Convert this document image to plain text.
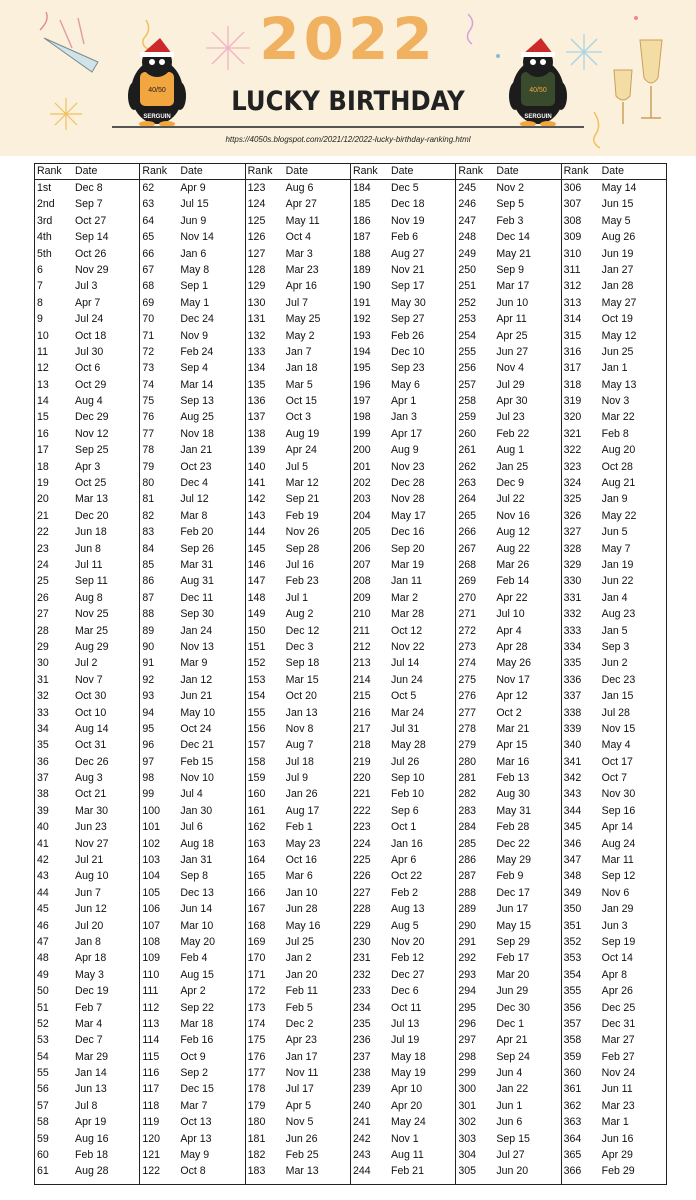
40/50	40/50
SERGUIN	SERGUIN
2022
LUCKY BIRTHDAY
https://4050s.blogspot.com/2021/12/2022-lucky-birthday-ranking.html
Rank	Date
1st	Dec 8
2nd	Sep 7
3rd	Oct 27
4th	Sep 14
5th	Oct 26
6	Nov 29
7	Jul 3
8	Apr 7
9	Jul 24
10	Oct 18
11	Jul 30
12	Oct 6
13	Oct 29
14	Aug 4
15	Dec 29
16	Nov 12
17	Sep 25
18	Apr 3
19	Oct 25
20	Mar 13
21	Dec 20
22	Jun 18
23	Jun 8
24	Jul 11
25	Sep 11
26	Aug 8
27	Nov 25
28	Mar 25
29	Aug 29
30	Jul 2
31	Nov 7
32	Oct 30
33	Oct 10
34	Aug 14
35	Oct 31
36	Dec 26
37	Aug 3
38	Oct 21
39	Mar 30
40	Jun 23
41	Nov 27
42	Jul 21
43	Aug 10
44	Jun 7
45	Jun 12
46	Jul 20
47	Jan 8
48	Apr 18
49	May 3
50	Dec 19
51	Feb 7
52	Mar 4
53	Dec 7
54	Mar 29
55	Jan 14
56	Jun 13
57	Jul 8
58	Apr 19
59	Aug 16
60	Feb 18
61	Aug 28
Rank	Date
62	Apr 9
63	Jul 15
64	Jun 9
65	Nov 14
66	Jan 6
67	May 8
68	Sep 1
69	May 1
70	Dec 24
71	Nov 9
72	Feb 24
73	Sep 4
74	Mar 14
75	Sep 13
76	Aug 25
77	Nov 18
78	Jan 21
79	Oct 23
80	Dec 4
81	Jul 12
82	Mar 8
83	Feb 20
84	Sep 26
85	Mar 31
86	Aug 31
87	Dec 11
88	Sep 30
89	Jan 24
90	Nov 13
91	Mar 9
92	Jan 12
93	Jun 21
94	May 10
95	Oct 24
96	Dec 21
97	Feb 15
98	Nov 10
99	Jul 4
100	Jan 30
101	Jul 6
102	Aug 18
103	Jan 31
104	Sep 8
105	Dec 13
106	Jun 14
107	Mar 10
108	May 20
109	Feb 4
110	Aug 15
111	Apr 2
112	Sep 22
113	Mar 18
114	Feb 16
115	Oct 9
116	Sep 2
117	Dec 15
118	Mar 7
119	Oct 13
120	Apr 13
121	May 9
122	Oct 8
Rank	Date
123	Aug 6
124	Apr 27
125	May 11
126	Oct 4
127	Mar 3
128	Mar 23
129	Apr 16
130	Jul 7
131	May 25
132	May 2
133	Jan 7
134	Jan 18
135	Mar 5
136	Oct 15
137	Oct 3
138	Aug 19
139	Apr 24
140	Jul 5
141	Mar 12
142	Sep 21
143	Feb 19
144	Nov 26
145	Sep 28
146	Jul 16
147	Feb 23
148	Jul 1
149	Aug 2
150	Dec 12
151	Dec 3
152	Sep 18
153	Mar 15
154	Oct 20
155	Jan 13
156	Nov 8
157	Aug 7
158	Jul 18
159	Jul 9
160	Jan 26
161	Aug 17
162	Feb 1
163	May 23
164	Oct 16
165	Mar 6
166	Jan 10
167	Jun 28
168	May 16
169	Jul 25
170	Jan 2
171	Jan 20
172	Feb 11
173	Feb 5
174	Dec 2
175	Apr 23
176	Jan 17
177	Nov 11
178	Jul 17
179	Apr 5
180	Nov 5
181	Jun 26
182	Feb 25
183	Mar 13
Rank	Date
184	Dec 5
185	Dec 18
186	Nov 19
187	Feb 6
188	Aug 27
189	Nov 21
190	Sep 17
191	May 30
192	Sep 27
193	Feb 26
194	Dec 10
195	Sep 23
196	May 6
197	Apr 1
198	Jan 3
199	Apr 17
200	Aug 9
201	Nov 23
202	Dec 28
203	Nov 28
204	May 17
205	Dec 16
206	Sep 20
207	Mar 19
208	Jan 11
209	Mar 2
210	Mar 28
211	Oct 12
212	Nov 22
213	Jul 14
214	Jun 24
215	Oct 5
216	Mar 24
217	Jul 31
218	May 28
219	Jul 26
220	Sep 10
221	Feb 10
222	Sep 6
223	Oct 1
224	Jan 16
225	Apr 6
226	Oct 22
227	Feb 2
228	Aug 13
229	Aug 5
230	Nov 20
231	Feb 12
232	Dec 27
233	Dec 6
234	Oct 11
235	Jul 13
236	Jul 19
237	May 18
238	May 19
239	Apr 10
240	Apr 20
241	May 24
242	Nov 1
243	Aug 11
244	Feb 21
Rank	Date
245	Nov 2
246	Sep 5
247	Feb 3
248	Dec 14
249	May 21
250	Sep 9
251	Mar 17
252	Jun 10
253	Apr 11
254	Apr 25
255	Jun 27
256	Nov 4
257	Jul 29
258	Apr 30
259	Jul 23
260	Feb 22
261	Aug 1
262	Jan 25
263	Dec 9
264	Jul 22
265	Nov 16
266	Aug 12
267	Aug 22
268	Mar 26
269	Feb 14
270	Apr 22
271	Jul 10
272	Apr 4
273	Apr 28
274	May 26
275	Nov 17
276	Apr 12
277	Oct 2
278	Mar 21
279	Apr 15
280	Mar 16
281	Feb 13
282	Aug 30
283	May 31
284	Feb 28
285	Dec 22
286	May 29
287	Feb 9
288	Dec 17
289	Jun 17
290	May 15
291	Sep 29
292	Feb 17
293	Mar 20
294	Jun 29
295	Dec 30
296	Dec 1
297	Apr 21
298	Sep 24
299	Jun 4
300	Jan 22
301	Jun 1
302	Jun 6
303	Sep 15
304	Jul 27
305	Jun 20
Rank	Date
306	May 14
307	Jun 15
308	May 5
309	Aug 26
310	Jun 19
311	Jan 27
312	Jan 28
313	May 27
314	Oct 19
315	May 12
316	Jun 25
317	Jan 1
318	May 13
319	Nov 3
320	Mar 22
321	Feb 8
322	Aug 20
323	Oct 28
324	Aug 21
325	Jan 9
326	May 22
327	Jun 5
328	May 7
329	Jan 19
330	Jun 22
331	Jan 4
332	Aug 23
333	Jan 5
334	Sep 3
335	Jun 2
336	Dec 23
337	Jan 15
338	Jul 28
339	Nov 15
340	May 4
341	Oct 17
342	Oct 7
343	Nov 30
344	Sep 16
345	Apr 14
346	Aug 24
347	Mar 11
348	Sep 12
349	Nov 6
350	Jan 29
351	Jun 3
352	Sep 19
353	Oct 14
354	Apr 8
355	Apr 26
356	Dec 25
357	Dec 31
358	Mar 27
359	Feb 27
360	Nov 24
361	Jun 11
362	Mar 23
363	Mar 1
364	Jun 16
365	Apr 29
366	Feb 29
